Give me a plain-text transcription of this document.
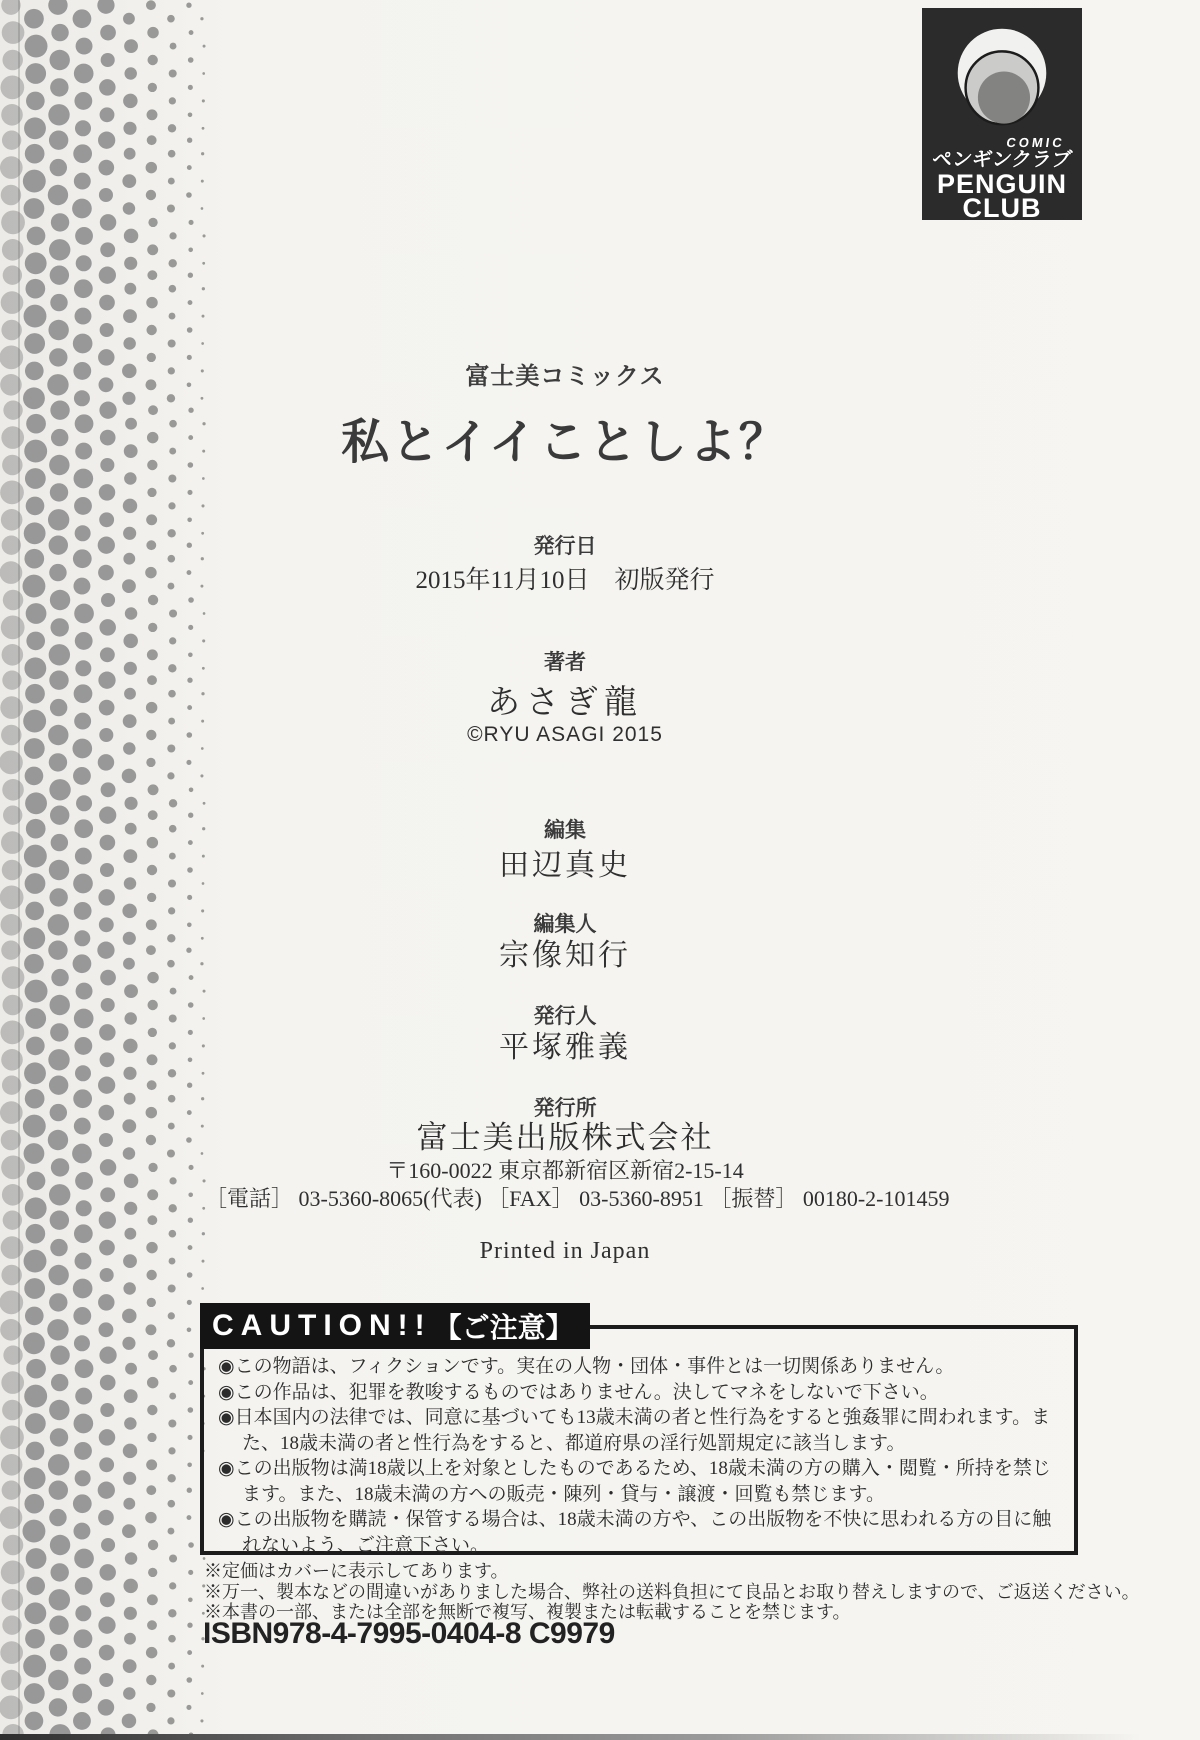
COMIC
ペンギンクラブ
PENGUIN
CLUB
富士美コミックス
私とイイことしよ？
発行日
2015年11月10日　初版発行
著者
あさぎ龍
©RYU ASAGI 2015
編集
田辺真史
編集人
宗像知行
発行人
平塚雅義
発行所
富士美出版株式会社
〒160-0022 東京都新宿区新宿2-15-14
［電話］ 03-5360-8065(代表) ［FAX］ 03-5360-8951 ［振替］ 00180-2-101459
Printed in Japan
CAUTION!! 【ご注意】
◉この物語は、フィクションです。実在の人物・団体・事件とは一切関係ありません。
◉この作品は、犯罪を教唆するものではありません。決してマネをしないで下さい。
◉日本国内の法律では、同意に基づいても13歳未満の者と性行為をすると強姦罪に問われます。また、18歳未満の者と性行為をすると、都道府県の淫行処罰規定に該当します。
◉この出版物は満18歳以上を対象としたものであるため、18歳未満の方の購入・閲覧・所持を禁じます。また、18歳未満の方への販売・陳列・貸与・譲渡・回覧も禁じます。
◉この出版物を購読・保管する場合は、18歳未満の方や、この出版物を不快に思われる方の目に触れないよう、ご注意下さい。
※定価はカバーに表示してあります。
※万一、製本などの間違いがありました場合、弊社の送料負担にて良品とお取り替えしますので、ご返送ください。
※本書の一部、または全部を無断で複写、複製または転載することを禁じます。
ISBN978-4-7995-0404-8 C9979
